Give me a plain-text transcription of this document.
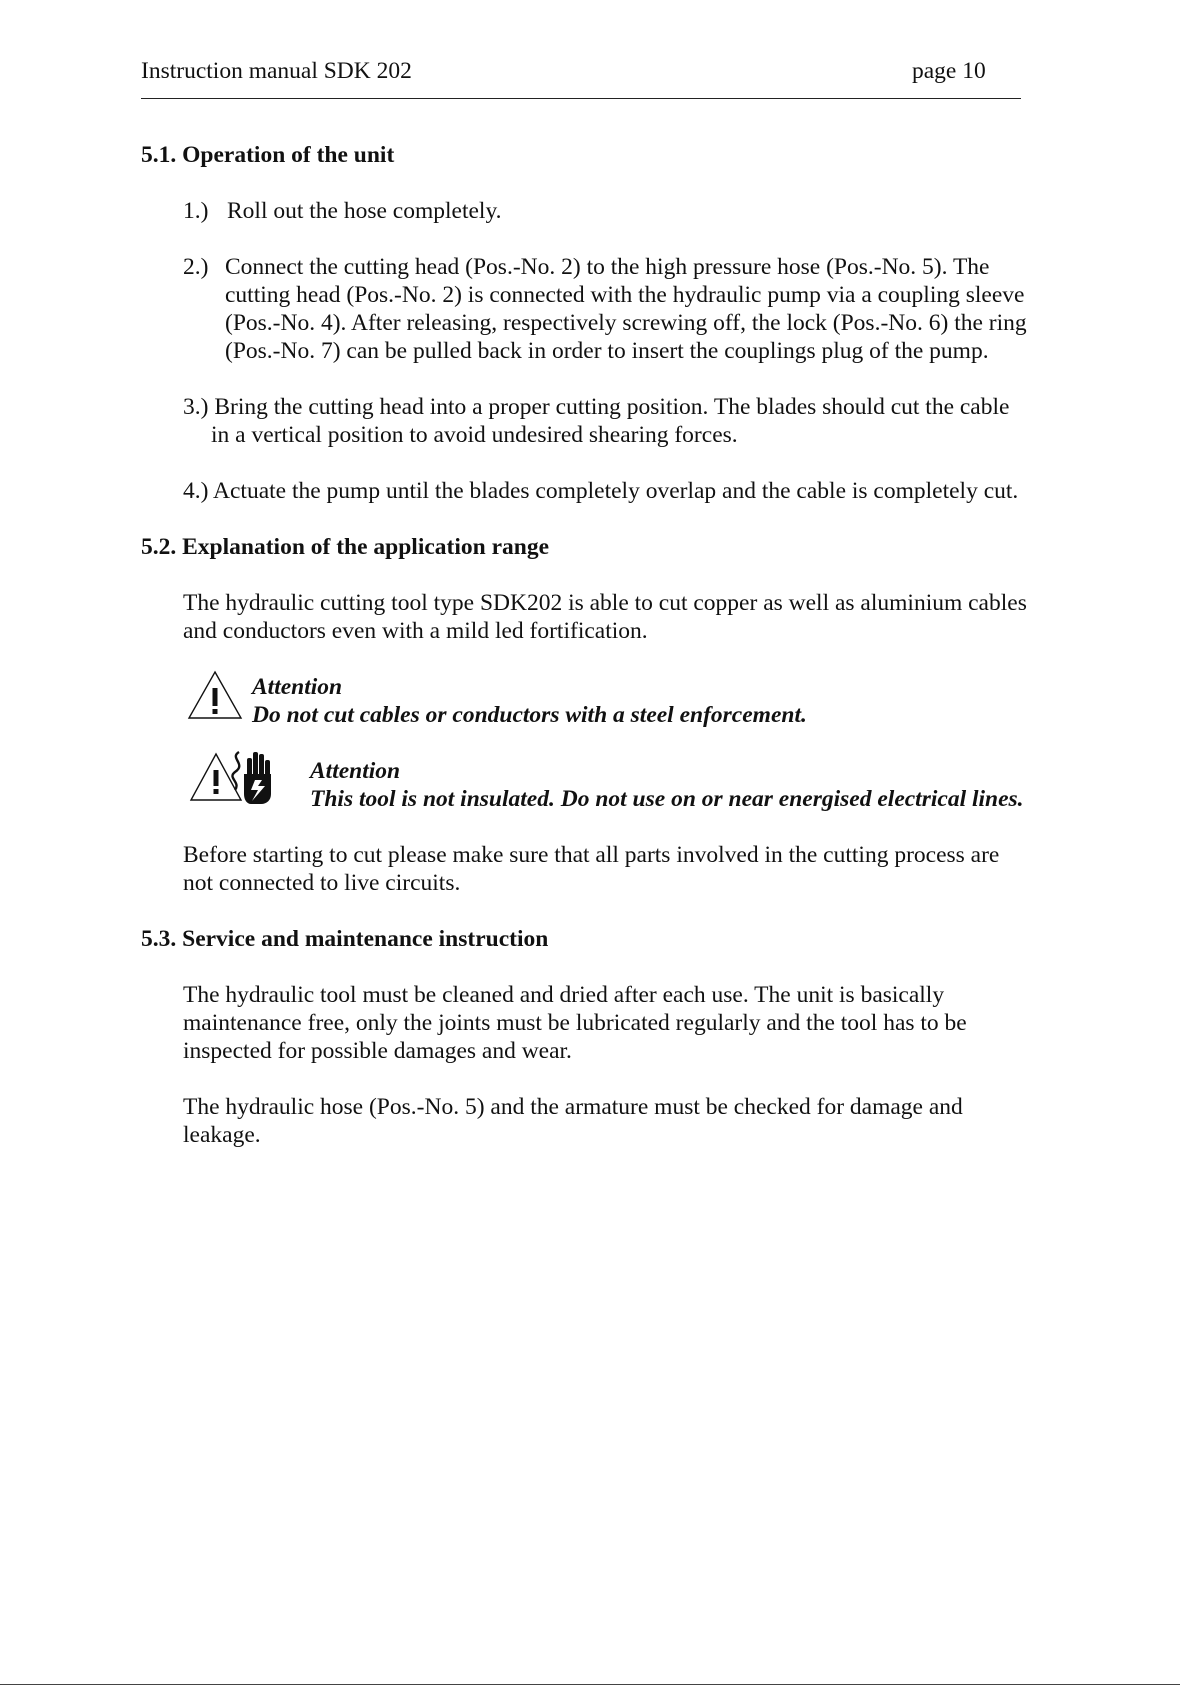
Instruction manual SDK 202	page 10
5.1. Operation of the unit
1.) Roll out the hose completely.
2.) Connect the cutting head (Pos.-No. 2) to the high pressure hose (Pos.-No. 5). The
cutting head (Pos.-No. 2) is connected with the hydraulic pump via a coupling sleeve
(Pos.-No. 4). After releasing, respectively screwing off, the lock (Pos.-No. 6) the ring
(Pos.-No. 7) can be pulled back in order to insert the couplings plug of the pump.
3.) Bring the cutting head into a proper cutting position. The blades should cut the cable
in a vertical position to avoid undesired shearing forces.
4.) Actuate the pump until the blades completely overlap and the cable is completely cut.
5.2. Explanation of the application range
The hydraulic cutting tool type SDK202 is able to cut copper as well as aluminium cables
and conductors even with a mild led fortification.
Attention
Do not cut cables or conductors with a steel enforcement.
Attention
This tool is not insulated. Do not use on or near energised electrical lines.
Before starting to cut please make sure that all parts involved in the cutting process are
not connected to live circuits.
5.3. Service and maintenance instruction
The hydraulic tool must be cleaned and dried after each use. The unit is basically
maintenance free, only the joints must be lubricated regularly and the tool has to be
inspected for possible damages and wear.
The hydraulic hose (Pos.-No. 5) and the armature must be checked for damage and
leakage.
